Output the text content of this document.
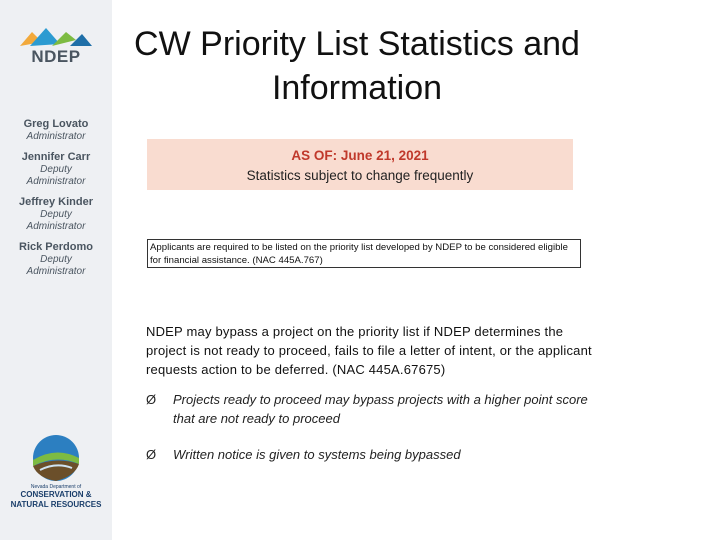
NDEP
Greg Lovato
Administrator
Jennifer Carr
Deputy Administrator
Jeffrey Kinder
Deputy Administrator
Rick Perdomo
Deputy Administrator
Nevada Department of
CONSERVATION &
NATURAL RESOURCES
CW Priority List Statistics and
Information
AS OF: June 21, 2021
Statistics subject to change frequently
Applicants are required to be listed on the priority list developed by NDEP to be considered eligible for financial assistance. (NAC 445A.767)
NDEP may bypass a project on the priority list if NDEP determines the project is not ready to proceed, fails to file a letter of intent, or the applicant requests action to be deferred. (NAC 445A.67675)
Ø	Projects ready to proceed may bypass projects with a higher point score that are not ready to proceed
Ø	Written notice is given to systems being bypassed
